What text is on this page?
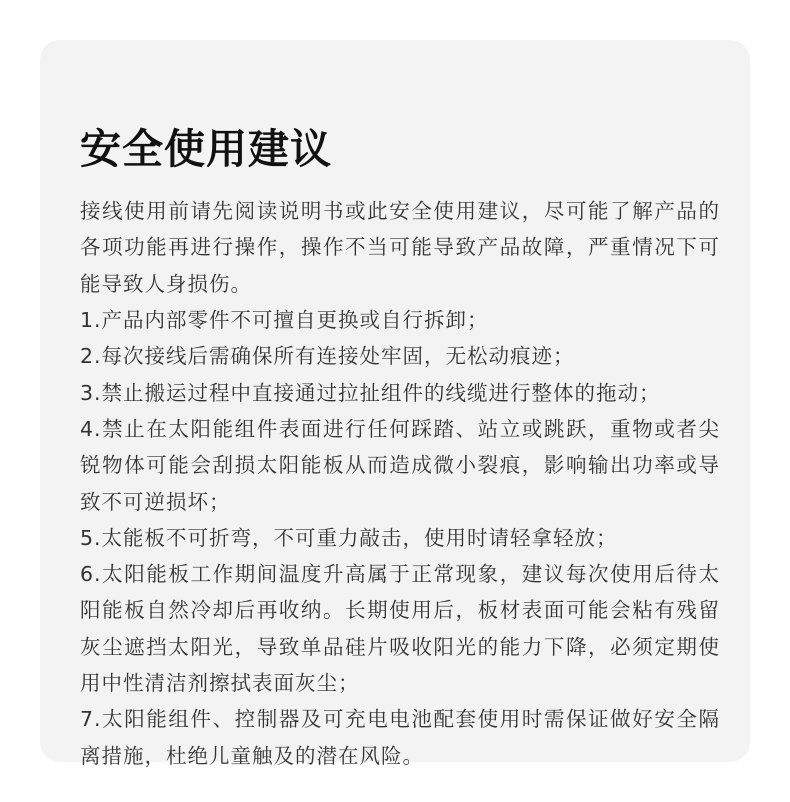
安全使用建议

接线使用前请先阅读说明书或此安全使用建议，尽可能了解产品的各项功能再进行操作，操作不当可能导致产品故障，严重情况下可能导致人身损伤。

1.产品内部零件不可擅自更换或自行拆卸；

2.每次接线后需确保所有连接处牢固，无松动痕迹；

3.禁止搬运过程中直接通过拉扯组件的线缆进行整体的拖动；

4.禁止在太阳能组件表面进行任何踩踏、站立或跳跃，重物或者尖锐物体可能会刮损太阳能板从而造成微小裂痕，影响输出功率或导致不可逆损坏；

5.太能板不可折弯，不可重力敲击，使用时请轻拿轻放；

6.太阳能板工作期间温度升高属于正常现象，建议每次使用后待太阳能板自然冷却后再收纳。长期使用后，板材表面可能会粘有残留灰尘遮挡太阳光，导致单品硅片吸收阳光的能力下降，必须定期使用中性清洁剂擦拭表面灰尘；

7.太阳能组件、控制器及可充电电池配套使用时需保证做好安全隔离措施，杜绝儿童触及的潜在风险。
